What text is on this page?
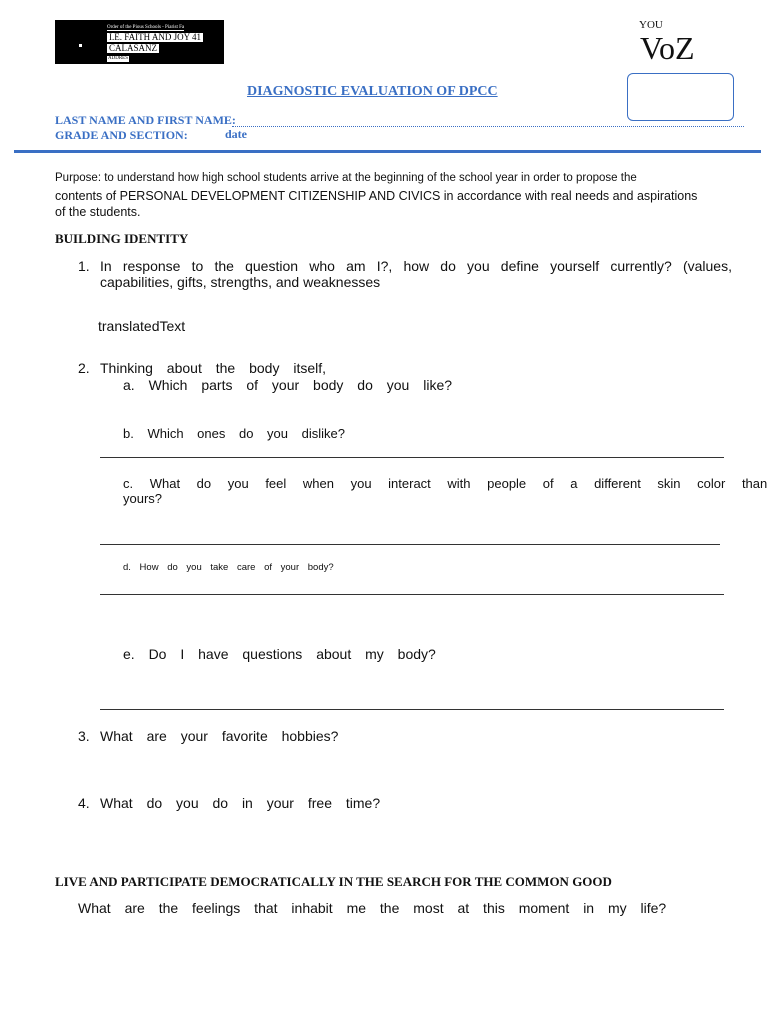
Order of the Pious Schools - Piarist Fa
I.E. FAITH AND JOY 41
CALASANZ
ADDRES
YOU
VoZ
DIAGNOSTIC EVALUATION OF DPCC
LAST NAME AND FIRST NAME:
GRADE AND SECTION:	date
Purpose: to understand how high school students arrive at the beginning of the school year in order to propose the
contents of PERSONAL DEVELOPMENT CITIZENSHIP AND CIVICS in accordance with real needs and aspirations
of the students.
BUILDING IDENTITY
1. In response to the question who am I?, how do you define yourself currently? (values,
capabilities, gifts, strengths, and weaknesses
translatedText
2. Thinking about the body itself,
a. Which parts of your body do you like?
b. Which ones do you dislike?
c. What do you feel when you interact with people of a different skin color than yours?
d. How do you take care of your body?
e. Do I have questions about my body?
3. What are your favorite hobbies?
4. What do you do in your free time?
LIVE AND PARTICIPATE DEMOCRATICALLY IN THE SEARCH FOR THE COMMON GOOD
What are the feelings that inhabit me the most at this moment in my life?
